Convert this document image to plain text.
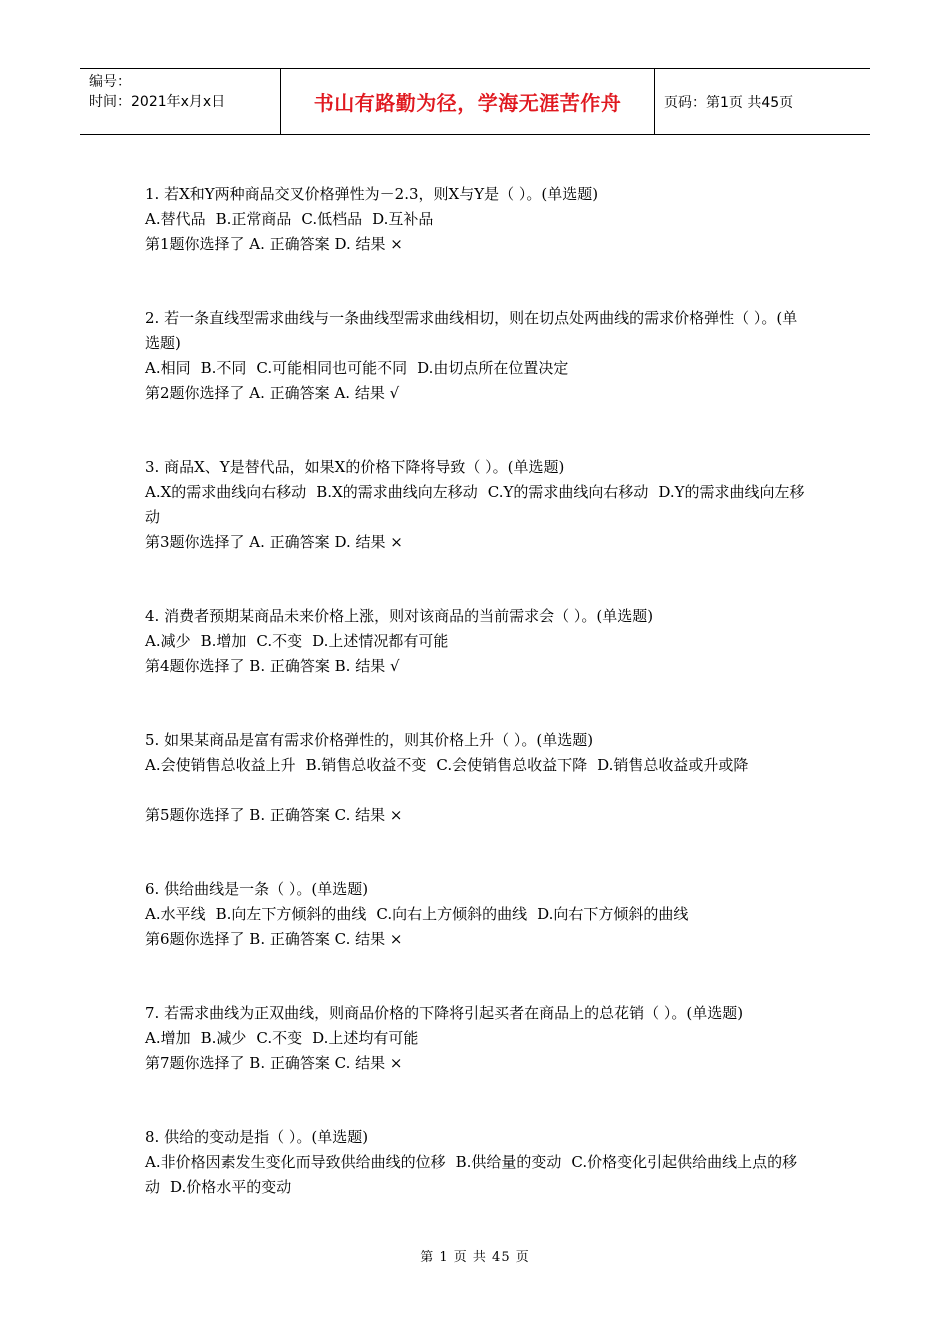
编号：
时间：2021年x月x日	书山有路勤为径，学海无涯苦作舟	页码：第1页 共45页

1. 若X和Y两种商品交叉价格弹性为－2.3，则X与Y是（ ）。(单选题)

A.替代品 B.正常商品 C.低档品 D.互补品

第1题你选择了 A. 正确答案 D. 结果 ×

2. 若一条直线型需求曲线与一条曲线型需求曲线相切，则在切点处两曲线的需求价格弹性（ ）。(单选题)

A.相同 B.不同 C.可能相同也可能不同 D.由切点所在位置决定

第2题你选择了 A. 正确答案 A. 结果 √

3. 商品X、Y是替代品，如果X的价格下降将导致（ ）。(单选题)

A.X的需求曲线向右移动 B.X的需求曲线向左移动 C.Y的需求曲线向右移动 D.Y的需求曲线向左移动

第3题你选择了 A. 正确答案 D. 结果 ×

4. 消费者预期某商品未来价格上涨，则对该商品的当前需求会（ ）。(单选题)

A.减少 B.增加 C.不变 D.上述情况都有可能

第4题你选择了 B. 正确答案 B. 结果 √

5. 如果某商品是富有需求价格弹性的，则其价格上升（ ）。(单选题)

A.会使销售总收益上升 B.销售总收益不变 C.会使销售总收益下降 D.销售总收益或升或降

第5题你选择了 B. 正确答案 C. 结果 ×

6. 供给曲线是一条（ ）。(单选题)

A.水平线 B.向左下方倾斜的曲线 C.向右上方倾斜的曲线 D.向右下方倾斜的曲线

第6题你选择了 B. 正确答案 C. 结果 ×

7. 若需求曲线为正双曲线，则商品价格的下降将引起买者在商品上的总花销（ ）。(单选题)

A.增加 B.减少 C.不变 D.上述均有可能

第7题你选择了 B. 正确答案 C. 结果 ×

8. 供给的变动是指（ ）。(单选题)

A.非价格因素发生变化而导致供给曲线的位移 B.供给量的变动 C.价格变化引起供给曲线上点的移动 D.价格水平的变动

第 1 页 共 45 页
